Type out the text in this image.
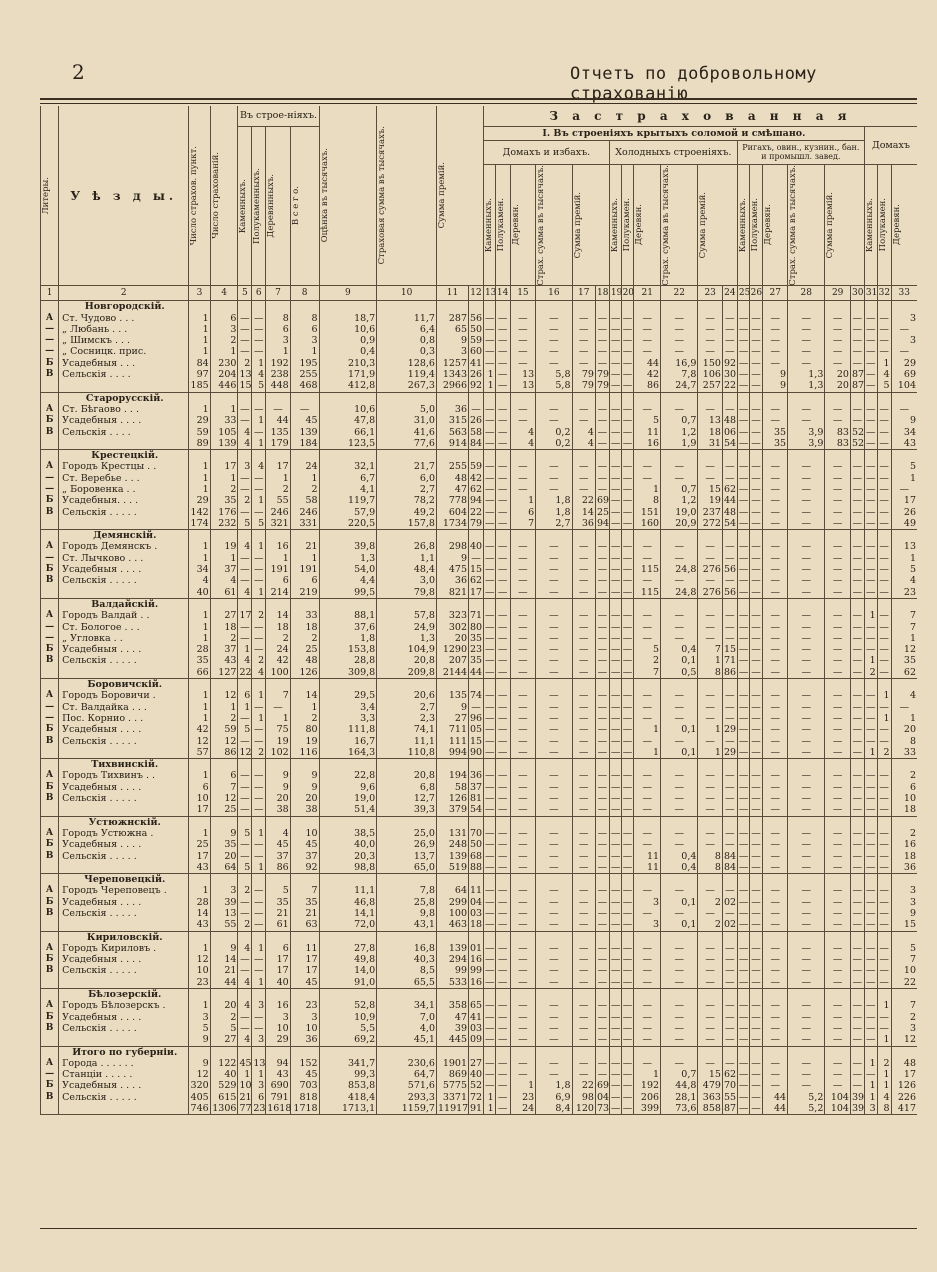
2	Отчетъ по добровольному страхованію
Литеры.	У ѣ з д ы.	Число страхов. пункт.	Число страхованій.	Въ строе-ніяхъ.				Оцѣнка въ тысячахъ.	Страховая сумма въ тысячахъ.	Сумма премій.		З а с т р а х о в а н н а я																				

				Каменныхъ.	Полукаменныхъ.	Деревянныхъ.	В с е г о.					I. Въ строеніяхъ крытыхъ соломой и смѣшано.																		Домахъ		
												Домахъ и избахъ.						Холодныхъ строеніяхъ.						Ригахъ, овин., кузнин., бан. и промышл. завед.								

												Каменныхъ.	Полукамен.	Деревян.	Страх. сумма въ тысячахъ.	Сумма премій.		Каменныхъ.	Полукамен.	Деревян.	Страх. сумма въ тысячахъ.	Сумма премій.		Каменныхъ.	Полукамен.	Деревян.	Страх. сумма въ тысячахъ.	Сумма премій.		Каменныхъ.	Полукамен.	Деревян.

1	2	3	4	5	6	7	8	9	10	11	12	13	14	15	16	17	18	19	20	21	22	23	24	25	26	27	28	29	30	31	32	33
	Новгородскій.																															
А	Ст. Чудово . . .	1	6	—	—	8	8	18,7	11,7	287	56	—	—	—	—	—	—	—	—	—	—	—	—	—	—	—	—	—	—	—	—	3
—	„ Любань . . .	1	3	—	—	6	6	10,6	6,4	65	50	—	—	—	—	—	—	—	—	—	—	—	—	—	—	—	—	—	—	—	—	—
—	„ Шимскъ . . .	1	2	—	—	3	3	0,9	0,8	9	59	—	—	—	—	—	—	—	—	—	—	—	—	—	—	—	—	—	—	—	—	3
—	„ Сосницк. прис.	1	1	—	—	1	1	0,4	0,3	3	60	—	—	—	—	—	—	—	—	—	—	—	—	—	—	—	—	—	—	—	—	—
Б	Усадебныя . . .	84	230	2	1	192	195	210,3	128,6	1257	41	—	—	—	—	—	—	—	—	44	16,9	150	92	—	—	—	—	—	—	—	1	29
В	Сельскія . . . .	97	204	13	4	238	255	171,9	119,4	1343	26	1	—	13	5,8	79	79	—	—	42	7,8	106	30	—	—	9	1,3	20	87	—	4	69
		185	446	15	5	448	468	412,8	267,3	2966	92	1	—	13	5,8	79	79	—	—	86	24,7	257	22	—	—	9	1,3	20	87	—	5	104
	Старорусскій.																															
А	Ст. Бѣгаово . . .	1	1	—	—	—	—	10,6	5,0	36	—	—	—	—	—	—	—	—	—	—	—	—	—	—	—	—	—	—	—	—	—	—
Б	Усадебныя . . . .	29	33	—	1	44	45	47,8	31,0	315	26	—	—	—	—	—	—	—	—	5	0,7	13	48	—	—	—	—	—	—	—	—	9
В	Сельскія . . . .	59	105	4	—	135	139	66,1	41,6	563	58	—	—	4	0,2	4	—	—	—	11	1,2	18	06	—	—	35	3,9	83	52	—	—	34
		89	139	4	1	179	184	123,5	77,6	914	84	—	—	4	0,2	4	—	—	—	16	1,9	31	54	—	—	35	3,9	83	52	—	—	43
	Крестецкій.																															
А	Городъ Крестцы . .	1	17	3	4	17	24	32,1	21,7	255	59	—	—	—	—	—	—	—	—	—	—	—	—	—	—	—	—	—	—	—	—	5
—	Ст. Веребье . . .	1	1	—	—	1	1	6,7	6,0	48	42	—	—	—	—	—	—	—	—	—	—	—	—	—	—	—	—	—	—	—	—	1
—	„ Боровенка . .	1	2	—	—	2	2	4,1	2,7	47	62	—	—	—	—	—	—	—	—	1	0,7	15	62	—	—	—	—	—	—	—	—	—
Б	Усадебныя. . . .	29	35	2	1	55	58	119,7	78,2	778	94	—	—	1	1,8	22	69	—	—	8	1,2	19	44	—	—	—	—	—	—	—	—	17
В	Сельскія . . . . .	142	176	—	—	246	246	57,9	49,2	604	22	—	—	6	1,8	14	25	—	—	151	19,0	237	48	—	—	—	—	—	—	—	—	26
		174	232	5	5	321	331	220,5	157,8	1734	79	—	—	7	2,7	36	94	—	—	160	20,9	272	54	—	—	—	—	—	—	—	—	49
	Демянскій.																															
А	Городъ Демянскъ .	1	19	4	1	16	21	39,8	26,8	298	40	—	—	—	—	—	—	—	—	—	—	—	—	—	—	—	—	—	—	—	—	13
—	Ст. Лычково . . .	1	1	—	—	1	1	1,3	1,1	9	—	—	—	—	—	—	—	—	—	—	—	—	—	—	—	—	—	—	—	—	—	1
Б	Усадебныя . . . .	34	37	—	—	191	191	54,0	48,4	475	15	—	—	—	—	—	—	—	—	115	24,8	276	56	—	—	—	—	—	—	—	—	5
В	Сельскія . . . . .	4	4	—	—	6	6	4,4	3,0	36	62	—	—	—	—	—	—	—	—	—	—	—	—	—	—	—	—	—	—	—	—	4
		40	61	4	1	214	219	99,5	79,8	821	17	—	—	—	—	—	—	—	—	115	24,8	276	56	—	—	—	—	—	—	—	—	23
	Валдайскій.																															
А	Городъ Валдай . .	1	27	17	2	14	33	88,1	57,8	323	71	—	—	—	—	—	—	—	—	—	—	—	—	—	—	—	—	—	—	1	—	7
—	Ст. Бологое . . .	1	18	—	—	18	18	37,6	24,9	302	80	—	—	—	—	—	—	—	—	—	—	—	—	—	—	—	—	—	—	—	—	7
—	„ Угловка . .	1	2	—	—	2	2	1,8	1,3	20	35	—	—	—	—	—	—	—	—	—	—	—	—	—	—	—	—	—	—	—	—	1
Б	Усадебныя . . . .	28	37	1	—	24	25	153,8	104,9	1290	23	—	—	—	—	—	—	—	—	5	0,4	7	15	—	—	—	—	—	—	—	—	12
В	Сельскія . . . . .	35	43	4	2	42	48	28,8	20,8	207	35	—	—	—	—	—	—	—	—	2	0,1	1	71	—	—	—	—	—	—	1	—	35
		66	127	22	4	100	126	309,8	209,8	2144	44	—	—	—	—	—	—	—	—	7	0,5	8	86	—	—	—	—	—	—	2	—	62
	Боровичскій.																															
А	Городъ Боровичи .	1	12	6	1	7	14	29,5	20,6	135	74	—	—	—	—	—	—	—	—	—	—	—	—	—	—	—	—	—	—	—	1	4
—	Ст. Валдайка . . .	1	1	1	—	—	1	3,4	2,7	9	—	—	—	—	—	—	—	—	—	—	—	—	—	—	—	—	—	—	—	—	—	—
—	Пос. Корнио . . .	1	2	—	1	1	2	3,3	2,3	27	96	—	—	—	—	—	—	—	—	—	—	—	—	—	—	—	—	—	—	—	1	1
Б	Усадебныя . . . .	42	59	5	—	75	80	111,8	74,1	711	05	—	—	—	—	—	—	—	—	1	0,1	1	29	—	—	—	—	—	—	—	—	20
В	Сельскія . . . . .	12	12	—	—	19	19	16,7	11,1	111	15	—	—	—	—	—	—	—	—	—	—	—	—	—	—	—	—	—	—	—	—	8
		57	86	12	2	102	116	164,3	110,8	994	90	—	—	—	—	—	—	—	—	1	0,1	1	29	—	—	—	—	—	—	1	2	33
	Тихвинскій.																															
А	Городъ Тихвинъ . .	1	6	—	—	9	9	22,8	20,8	194	36	—	—	—	—	—	—	—	—	—	—	—	—	—	—	—	—	—	—	—	—	2
Б	Усадебныя . . . .	6	7	—	—	9	9	9,6	6,8	58	37	—	—	—	—	—	—	—	—	—	—	—	—	—	—	—	—	—	—	—	—	6
В	Сельскія . . . . .	10	12	—	—	20	20	19,0	12,7	126	81	—	—	—	—	—	—	—	—	—	—	—	—	—	—	—	—	—	—	—	—	10
		17	25	—	—	38	38	51,4	39,3	379	54	—	—	—	—	—	—	—	—	—	—	—	—	—	—	—	—	—	—	—	—	18
	Устюжнскій.																															
А	Городъ Устюжна .	1	9	5	1	4	10	38,5	25,0	131	70	—	—	—	—	—	—	—	—	—	—	—	—	—	—	—	—	—	—	—	—	2
Б	Усадебныя . . . .	25	35	—	—	45	45	40,0	26,9	248	50	—	—	—	—	—	—	—	—	—	—	—	—	—	—	—	—	—	—	—	—	16
В	Сельскія . . . . .	17	20	—	—	37	37	20,3	13,7	139	68	—	—	—	—	—	—	—	—	11	0,4	8	84	—	—	—	—	—	—	—	—	18
		43	64	5	1	86	92	98,8	65,0	519	88	—	—	—	—	—	—	—	—	11	0,4	8	84	—	—	—	—	—	—	—	—	36
	Череповецкій.																															
А	Городъ Череповецъ .	1	3	2	—	5	7	11,1	7,8	64	11	—	—	—	—	—	—	—	—	—	—	—	—	—	—	—	—	—	—	—	—	3
Б	Усадебныя . . . .	28	39	—	—	35	35	46,8	25,8	299	04	—	—	—	—	—	—	—	—	3	0,1	2	02	—	—	—	—	—	—	—	—	3
В	Сельскія . . . . .	14	13	—	—	21	21	14,1	9,8	100	03	—	—	—	—	—	—	—	—	—	—	—	—	—	—	—	—	—	—	—	—	9
		43	55	2	—	61	63	72,0	43,1	463	18	—	—	—	—	—	—	—	—	3	0,1	2	02	—	—	—	—	—	—	—	—	15
	Кириловскій.																															
А	Городъ Кириловъ .	1	9	4	1	6	11	27,8	16,8	139	01	—	—	—	—	—	—	—	—	—	—	—	—	—	—	—	—	—	—	—	—	5
Б	Усадебныя . . . .	12	14	—	—	17	17	49,8	40,3	294	16	—	—	—	—	—	—	—	—	—	—	—	—	—	—	—	—	—	—	—	—	7
В	Сельскія . . . . .	10	21	—	—	17	17	14,0	8,5	99	99	—	—	—	—	—	—	—	—	—	—	—	—	—	—	—	—	—	—	—	—	10
		23	44	4	1	40	45	91,0	65,5	533	16	—	—	—	—	—	—	—	—	—	—	—	—	—	—	—	—	—	—	—	—	22
	Бѣлозерскій.																															
А	Городъ Бѣлозерскъ .	1	20	4	3	16	23	52,8	34,1	358	65	—	—	—	—	—	—	—	—	—	—	—	—	—	—	—	—	—	—	—	1	7
Б	Усадебныя . . . .	3	2	—	—	3	3	10,9	7,0	47	41	—	—	—	—	—	—	—	—	—	—	—	—	—	—	—	—	—	—	—	—	2
В	Сельскія . . . . .	5	5	—	—	10	10	5,5	4,0	39	03	—	—	—	—	—	—	—	—	—	—	—	—	—	—	—	—	—	—	—	—	3
		9	27	4	3	29	36	69,2	45,1	445	09	—	—	—	—	—	—	—	—	—	—	—	—	—	—	—	—	—	—	—	1	12
	Итого по губерніи.																															
А	Города . . . . . .	9	122	45	13	94	152	341,7	230,6	1901	27	—	—	—	—	—	—	—	—	—	—	—	—	—	—	—	—	—	—	1	2	48
—	Станціи . . . . .	12	40	1	1	43	45	99,3	64,7	869	40	—	—	—	—	—	—	—	—	1	0,7	15	62	—	—	—	—	—	—	—	1	17
Б	Усадебныя . . . .	320	529	10	3	690	703	853,8	571,6	5775	52	—	—	1	1,8	22	69	—	—	192	44,8	479	70	—	—	—	—	—	—	1	1	126
В	Сельскія . . . . .	405	615	21	6	791	818	418,4	293,3	3371	72	1	—	23	6,9	98	04	—	—	206	28,1	363	55	—	—	44	5,2	104	39	1	4	226
		746	1306	77	23	1618	1718	1713,1	1159,7	11917	91	1	—	24	8,4	120	73	—	—	399	73,6	858	87	—	—	44	5,2	104	39	3	8	417
